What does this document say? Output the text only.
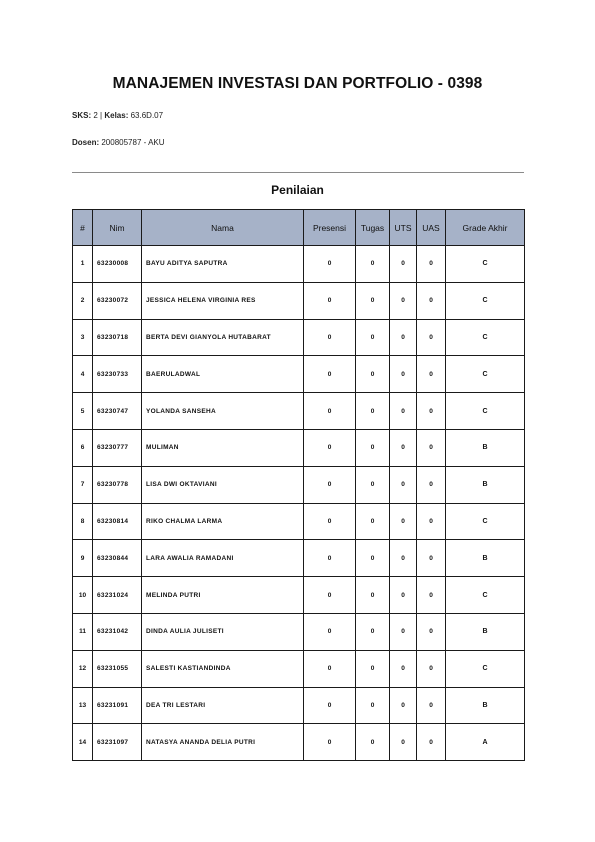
MANAJEMEN INVESTASI DAN PORTFOLIO - 0398
SKS: 2 | Kelas: 63.6D.07
Dosen: 200805787 - AKU
Penilaian
#	Nim	Nama	Presensi	Tugas	UTS	UAS	Grade Akhir
1	63230008	BAYU ADITYA SAPUTRA	0	0	0	0	C
2	63230072	JESSICA HELENA VIRGINIA RES	0	0	0	0	C
3	63230718	BERTA DEVI GIANYOLA HUTABARAT	0	0	0	0	C
4	63230733	BAERULADWAL	0	0	0	0	C
5	63230747	YOLANDA SANSEHA	0	0	0	0	C
6	63230777	MULIMAN	0	0	0	0	B
7	63230778	LISA DWI OKTAVIANI	0	0	0	0	B
8	63230814	RIKO CHALMA LARMA	0	0	0	0	C
9	63230844	LARA AWALIA RAMADANI	0	0	0	0	B
10	63231024	MELINDA PUTRI	0	0	0	0	C
11	63231042	DINDA AULIA JULISETI	0	0	0	0	B
12	63231055	SALESTI KASTIANDINDA	0	0	0	0	C
13	63231091	DEA TRI LESTARI	0	0	0	0	B
14	63231097	NATASYA ANANDA DELIA PUTRI	0	0	0	0	A
